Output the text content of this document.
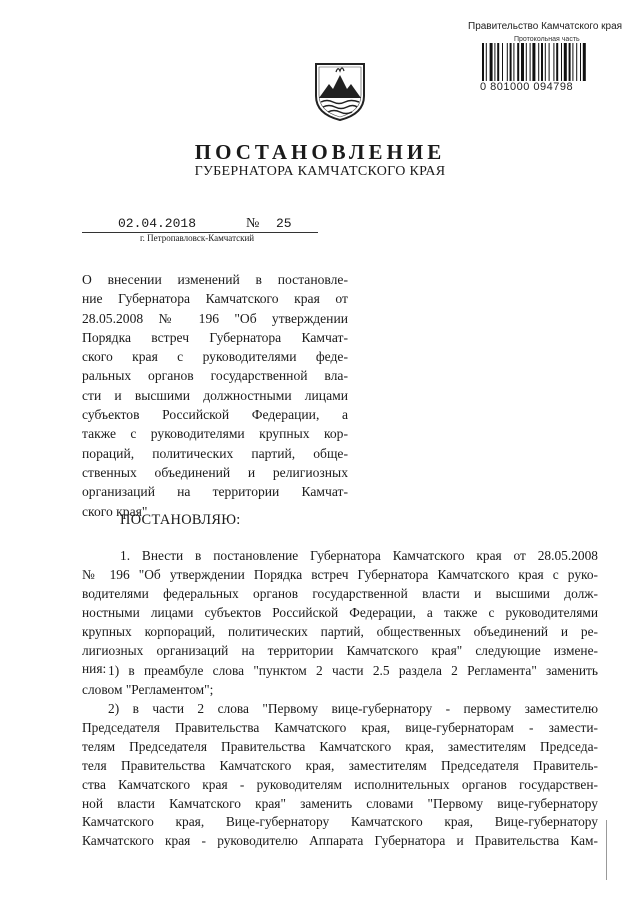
Правительство Камчатского края
Протокольная часть
0 801000 094798
ПОСТАНОВЛЕНИЕ
ГУБЕРНАТОРА КАМЧАТСКОГО КРАЯ
02.04.2018	№ 25
г. Петропавловск-Камчатский
О внесении изменений в постановле-
ние Губернатора Камчатского края от
28.05.2008 № 196 "Об утверждении
Порядка встреч Губернатора Камчат-
ского края с руководителями феде-
ральных органов государственной вла-
сти и высшими должностными лицами
субъектов Российской Федерации, а
также с руководителями крупных кор-
пораций, политических партий, обще-
ственных объединений и религиозных
организаций на территории Камчат-
ского края"
ПОСТАНОВЛЯЮ:
1. Внести в постановление Губернатора Камчатского края от 28.05.2008
№ 196 "Об утверждении Порядка встреч Губернатора Камчатского края с руко-
водителями федеральных органов государственной власти и высшими долж-
ностными лицами субъектов Российской Федерации, а также с руководителями
крупных корпораций, политических партий, общественных объединений и ре-
лигиозных организаций на территории Камчатского края" следующие измене-
ния: 1) в преамбуле слова "пунктом 2 части 2.5 раздела 2 Регламента" заменить
словом "Регламентом";
2) в части 2 слова "Первому вице-губернатору - первому заместителю
Председателя Правительства Камчатского края, вице-губернаторам - замести-
телям Председателя Правительства Камчатского края, заместителям Председа-
теля Правительства Камчатского края, заместителям Председателя Правитель-
ства Камчатского края - руководителям исполнительных органов государствен-
ной власти Камчатского края" заменить словами "Первому вице-губернатору
Камчатского края, Вице-губернатору Камчатского края, Вице-губернатору
Камчатского края - руководителю Аппарата Губернатора и Правительства Кам-
